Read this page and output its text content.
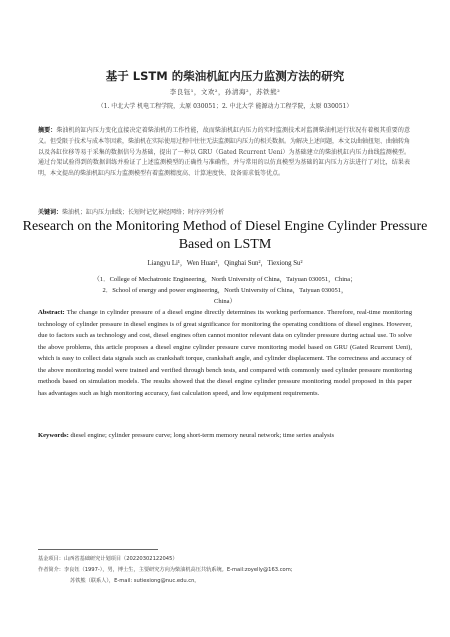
基于 LSTM 的柴油机缸内压力监测方法的研究
李良钰¹，文欢²，孙清海²，苏铁熊²
（1. 中北大学 机电工程学院，太原 030051；2. 中北大学 能源动力工程学院，太原 030051）
摘要：柴油机的缸内压力变化直接决定着柴油机的工作性能，故而柴油机缸内压力的实时监测技术对监测柴油机运行状况有着极其重要的意义。但受限于技术与成本等因素，柴油机在实际使用过程中往往无法监测缸内压力的相关数据。为解决上述问题，本文以曲轴扭矩、曲轴转角以及各缸位移等易于采集的数据信号为基础，提出了一种以 GRU（Gated Rcurrent Ueni）为基础建立的柴油机缸内压力曲线监测模型。通过台架试验得到的数据训练并验证了上述监测模型的正确性与准确性，并与常用的以仿真模型为基础的缸内压力方法进行了对比，结果表明，本文提出的柴油机缸内压力监测模型有着监测精度高、计算速度快、设备需求低等优点。
关键词：柴油机；缸内压力曲线；长短时记忆神经网络；时序序列分析
Research on the Monitoring Method of Diesel Engine Cylinder Pressure Based on LSTM
Liangyu Li¹，Wen Huan²，Qinghai Sun²，Tiexiong Su²
（1．College of Mechatronic Engineering，North University of China，Taiyuan 030051，China；
2．School of energy and power engineering，North University of China，Taiyuan 030051，
China）
Abstract: The change in cylinder pressure of a diesel engine directly determines its working performance. Therefore, real-time monitoring technology of cylinder pressure in diesel engines is of great significance for monitoring the operating conditions of diesel engines. However, due to factors such as technology and cost, diesel engines often cannot monitor relevant data on cylinder pressure during actual use. To solve the above problems, this article proposes a diesel engine cylinder pressure curve monitoring model based on GRU (Gated Rcurrent Ueni), which is easy to collect data signals such as crankshaft torque, crankshaft angle, and cylinder displacement. The correctness and accuracy of the above monitoring model were trained and verified through bench tests, and compared with commonly used cylinder pressure monitoring methods based on simulation models. The results showed that the diesel engine cylinder pressure monitoring model proposed in this paper has advantages such as high monitoring accuracy, fast calculation speed, and low equipment requirements.
Keywords: diesel engine; cylinder pressure curve; long short-term memory neural network; time series analysis
基金项目：山西省基础研究计划项目（20220302122045）
作者简介：李良钰（1997-），男，博士生，主要研究方向为柴油机高压共轨系统。E-mail:zoyelly@163.com;
苏铁熊（联系人），E-mail: sutiexiong@nuc.edu.cn。
